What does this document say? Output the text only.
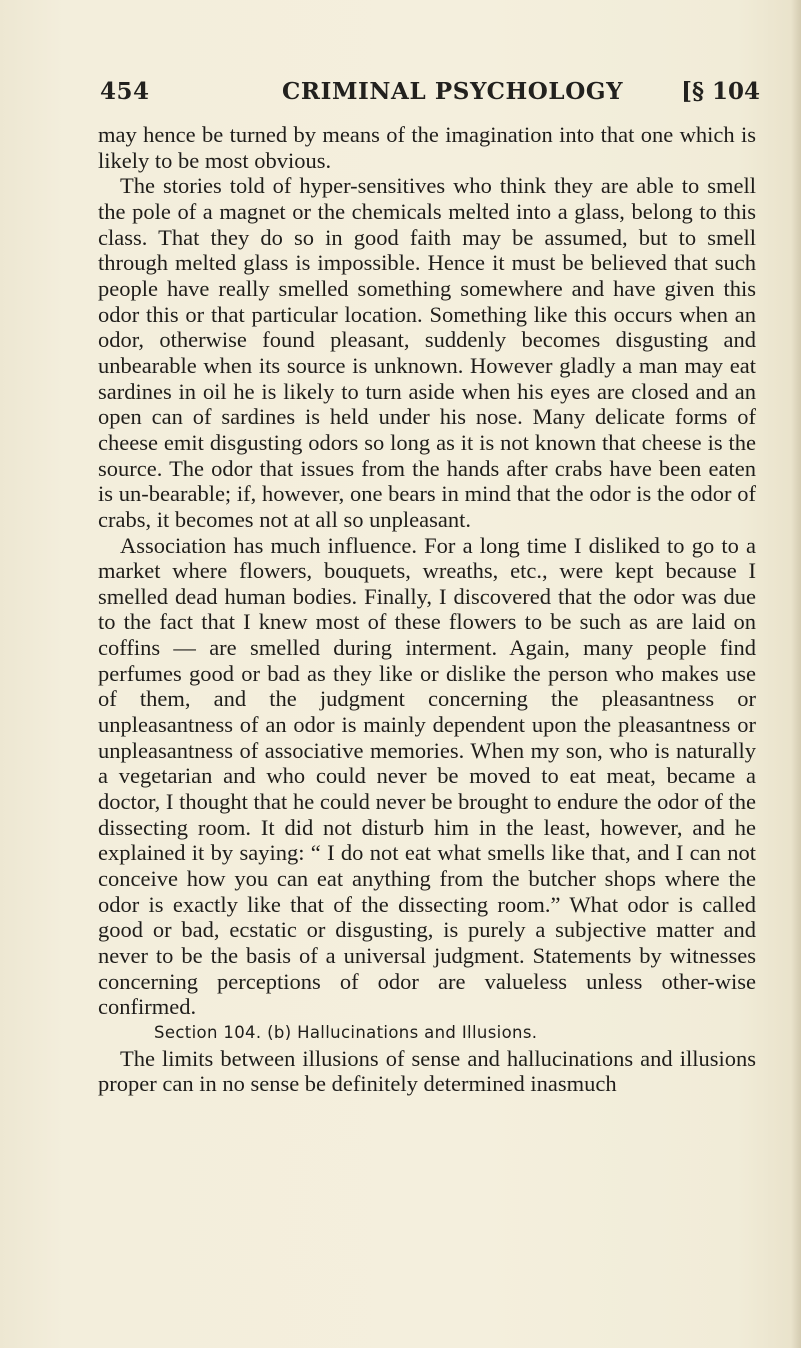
454	CRIMINAL PSYCHOLOGY	[§ 104

may hence be turned by means of the imagination into that one which is likely to be most obvious.

The stories told of hyper-sensitives who think they are able to smell the pole of a magnet or the chemicals melted into a glass, belong to this class. That they do so in good faith may be assumed, but to smell through melted glass is impossible. Hence it must be believed that such people have really smelled something somewhere and have given this odor this or that particular location. Something like this occurs when an odor, otherwise found pleasant, suddenly becomes disgusting and unbearable when its source is unknown. However gladly a man may eat sardines in oil he is likely to turn aside when his eyes are closed and an open can of sardines is held under his nose. Many delicate forms of cheese emit disgusting odors so long as it is not known that cheese is the source. The odor that issues from the hands after crabs have been eaten is un-bearable; if, however, one bears in mind that the odor is the odor of crabs, it becomes not at all so unpleasant.

Association has much influence. For a long time I disliked to go to a market where flowers, bouquets, wreaths, etc., were kept because I smelled dead human bodies. Finally, I discovered that the odor was due to the fact that I knew most of these flowers to be such as are laid on coffins — are smelled during interment. Again, many people find perfumes good or bad as they like or dislike the person who makes use of them, and the judgment concerning the pleasantness or unpleasantness of an odor is mainly dependent upon the pleasantness or unpleasantness of associative memories. When my son, who is naturally a vegetarian and who could never be moved to eat meat, became a doctor, I thought that he could never be brought to endure the odor of the dissecting room. It did not disturb him in the least, however, and he explained it by saying: “ I do not eat what smells like that, and I can not conceive how you can eat anything from the butcher shops where the odor is exactly like that of the dissecting room.” What odor is called good or bad, ecstatic or disgusting, is purely a subjective matter and never to be the basis of a universal judgment. Statements by witnesses concerning perceptions of odor are valueless unless other-wise confirmed.

Section 104. (b) Hallucinations and Illusions.

The limits between illusions of sense and hallucinations and illusions proper can in no sense be definitely determined inasmuch
